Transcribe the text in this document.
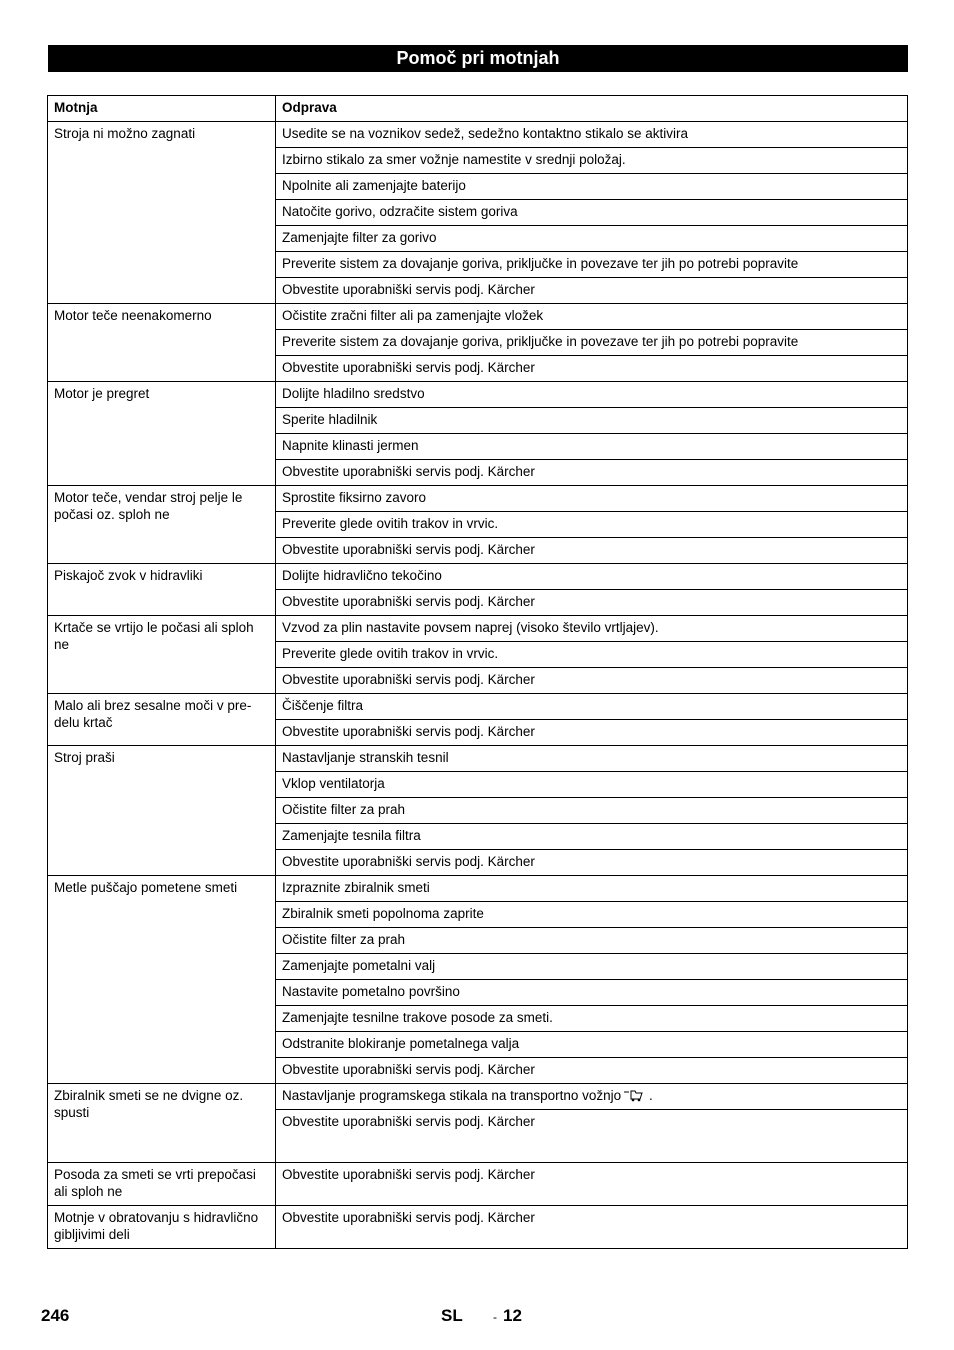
Pomoč pri motnjah
Motnja	Odprava
Stroja ni možno zagnati	Usedite se na voznikov sedež, sedežno kontaktno stikalo se aktivira
	Izbirno stikalo za smer vožnje namestite v srednji položaj.
	Npolnite ali zamenjajte baterijo
	Natočite gorivo, odzračite sistem goriva
	Zamenjajte filter za gorivo
	Preverite sistem za dovajanje goriva, priključke in povezave ter jih po potrebi popravite
	Obvestite uporabniški servis podj. Kärcher
Motor teče neenakomerno	Očistite zračni filter ali pa zamenjajte vložek
	Preverite sistem za dovajanje goriva, priključke in povezave ter jih po potrebi popravite
	Obvestite uporabniški servis podj. Kärcher
Motor je pregret	Dolijte hladilno sredstvo
	Sperite hladilnik
	Napnite klinasti jermen
	Obvestite uporabniški servis podj. Kärcher
Motor teče, vendar stroj pelje le počasi oz. sploh ne	Sprostite fiksirno zavoro
	Preverite glede ovitih trakov in vrvic.
	Obvestite uporabniški servis podj. Kärcher
Piskajoč zvok v hidravliki	Dolijte hidravlično tekočino
	Obvestite uporabniški servis podj. Kärcher
Krtače se vrtijo le počasi ali sploh ne	Vzvod za plin nastavite povsem naprej (visoko število vrtljajev).
	Preverite glede ovitih trakov in vrvic.
	Obvestite uporabniški servis podj. Kärcher
Malo ali brez sesalne moči v pre-delu krtač	Čiščenje filtra
	Obvestite uporabniški servis podj. Kärcher
Stroj praši	Nastavljanje stranskih tesnil
	Vklop ventilatorja
	Očistite filter za prah
	Zamenjajte tesnila filtra
	Obvestite uporabniški servis podj. Kärcher
Metle puščajo pometene smeti	Izpraznite zbiralnik smeti
	Zbiralnik smeti popolnoma zaprite
	Očistite filter za prah
	Zamenjajte pometalni valj
	Nastavite pometalno površino
	Zamenjajte tesnilne trakove posode za smeti.
	Odstranite blokiranje pometalnega valja
	Obvestite uporabniški servis podj. Kärcher
Zbiralnik smeti se ne dvigne oz. spusti	Nastavljanje programskega stikala na transportno vožnjo .
	Obvestite uporabniški servis podj. Kärcher
Posoda za smeti se vrti prepočasi ali sploh ne	Obvestite uporabniški servis podj. Kärcher
Motnje v obratovanju s hidravlično gibljivimi deli	Obvestite uporabniški servis podj. Kärcher
246	SL	- 12
